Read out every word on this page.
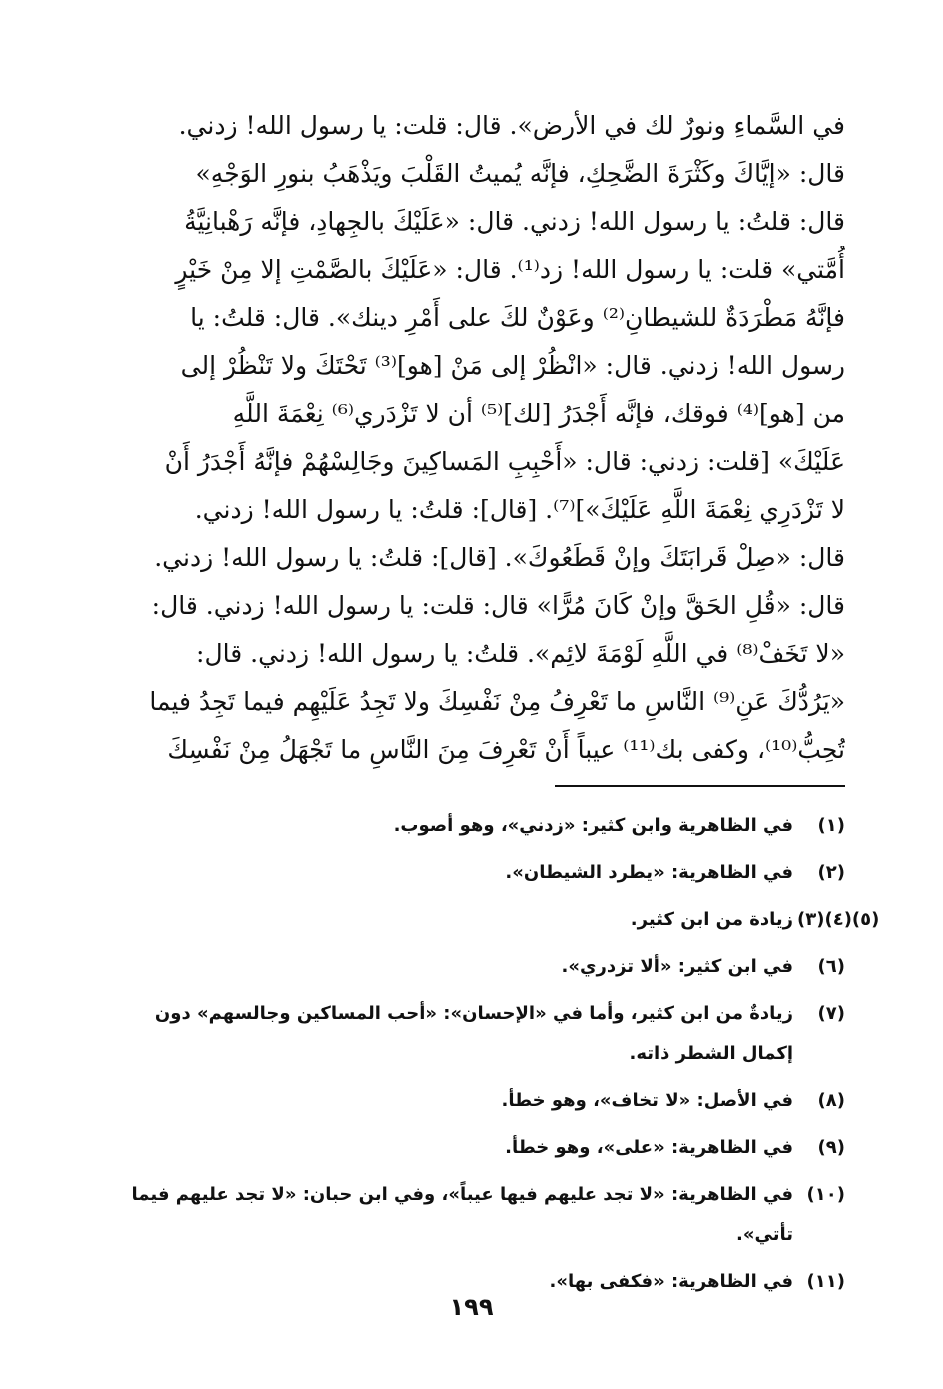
في السَّماءِ ونورٌ لك في الأرض». قال: قلت: يا رسول الله! زدني.
قال: «إيَّاكَ وكَثْرَةَ الضَّحِكِ، فإنَّه يُميتُ القَلْبَ ويَذْهَبُ بنورِ الوَجْهِ»
قال: قلتُ: يا رسول الله! زدني. قال: «عَلَيْكَ بالجِهادِ، فإنَّه رَهْبانِيَّةُ
أُمَّتي» قلت: يا رسول الله! زد⁽¹⁾. قال: «عَلَيْكَ بالصَّمْتِ إلا مِنْ خَيْرٍ
فإنَّهُ مَطْرَدَةٌ للشيطانِ⁽²⁾ وعَوْنٌ لكَ على أَمْرِ دينك». قال: قلتُ: يا
رسول الله! زدني. قال: «انْظُرْ إلى مَنْ [هو]⁽³⁾ تَحْتَكَ ولا تَنْظُرْ إلى
من [هو]⁽⁴⁾ فوقك، فإنَّه أَجْدَرُ [لك]⁽⁵⁾ أن لا تَزْدَري⁽⁶⁾ نِعْمَةَ اللَّهِ
عَلَيْكَ» [قلت: زدني: قال: «أَحْبِبِ المَساكِينَ وجَالِسْهُمْ فإنَّهُ أَجْدَرُ أَنْ
لا تَزْدَرِي نِعْمَةَ اللَّهِ عَلَيْكَ»]⁽⁷⁾. [قال]: قلتُ: يا رسول الله! زدني.
قال: «صِلْ قَرابَتَكَ وإنْ قَطَعُوكَ». [قال]: قلتُ: يا رسول الله! زدني.
قال: «قُلِ الحَقَّ وإنْ كَانَ مُرًّا» قال: قلت: يا رسول الله! زدني. قال:
«لا تَخَفْ⁽⁸⁾ في اللَّهِ لَوْمَةَ لائِم». قلتُ: يا رسول الله! زدني. قال:
«يَرُدُّكَ عَنِ⁽⁹⁾ النَّاسِ ما تَعْرِفُ مِنْ نَفْسِكَ ولا تَجِدُ عَلَيْهِم فيما تَجِدُ فيما
تُحِبُّ⁽¹⁰⁾، وكفى بك⁽¹¹⁾ عيباً أَنْ تَعْرِفَ مِنَ النَّاسِ ما تَجْهَلُ مِنْ نَفْسِكَ
(١)
في الظاهرية وابن كثير: «زدني»، وهو أصوب.
(٢)
في الظاهرية: «يطرد الشيطان».
(٣)(٤)(٥)
زيادة من ابن كثير.
(٦)
في ابن كثير: «ألا تزدري».
(٧)
زيادةٌ من ابن كثير، وأما في «الإحسان»: «أحب المساكين وجالسهم» دون إكمال الشطر ذاته.
(٨)
في الأصل: «لا تخاف»، وهو خطأ.
(٩)
في الظاهرية: «على»، وهو خطأ.
(١٠)
في الظاهرية: «لا تجد عليهم فيها عيباً»، وفي ابن حبان: «لا تجد عليهم فيما تأتي».
(١١)
في الظاهرية: «فكفى بها».
١٩٩
